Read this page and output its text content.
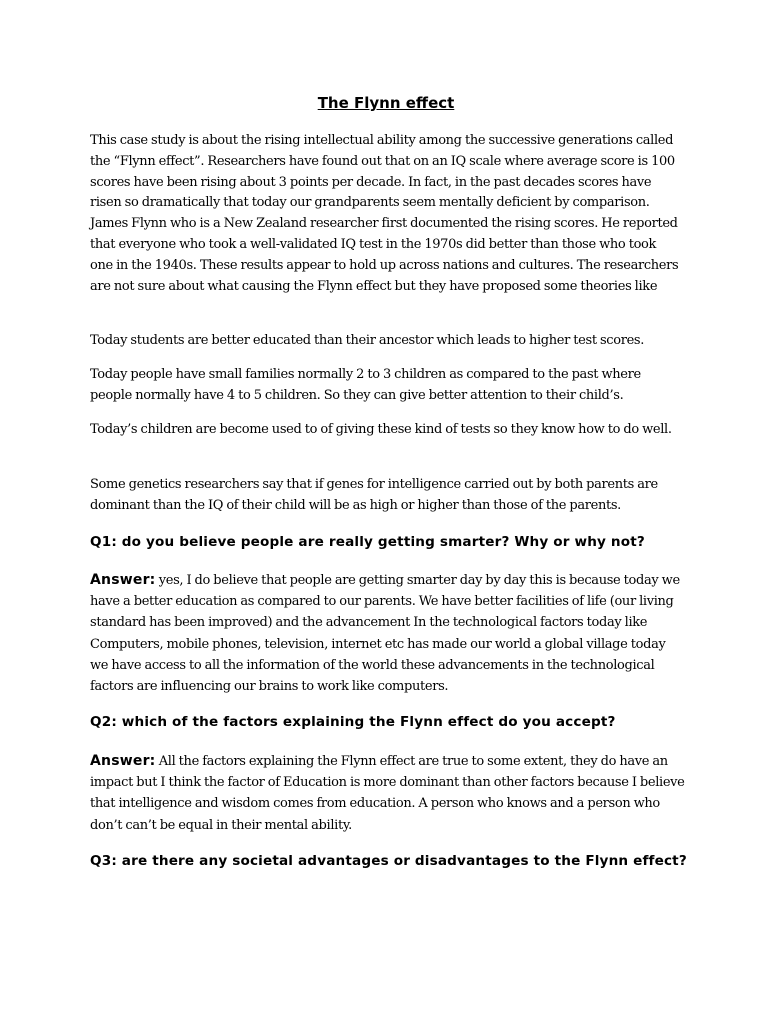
The Flynn effect

This case study is about the rising intellectual ability among the successive generations called the “Flynn effect”. Researchers have found out that on an IQ scale where average score is 100 scores have been rising about 3 points per decade. In fact, in the past decades scores have risen so dramatically that today our grandparents seem mentally deficient by comparison. James Flynn who is a New Zealand researcher first documented the rising scores. He reported that everyone who took a well-validated IQ test in the 1970s did better than those who took one in the 1940s. These results appear to hold up across nations and cultures. The researchers are not sure about what causing the Flynn effect but they have proposed some theories like

Today students are better educated than their ancestor which leads to higher test scores.

Today people have small families normally 2 to 3 children as compared to the past where people normally have 4 to 5 children. So they can give better attention to their child’s.

Today’s children are become used to of giving these kind of tests so they know how to do well.

Some genetics researchers say that if genes for intelligence carried out by both parents are dominant than the IQ of their child will be as high or higher than those of the parents.

Q1: do you believe people are really getting smarter? Why or why not?

Answer: yes, I do believe that people are getting smarter day by day this is because today we have a better education as compared to our parents. We have better facilities of life (our living standard has been improved) and the advancement In the technological factors today like Computers, mobile phones, television, internet etc has made our world a global village today we have access to all the information of the world these advancements in the technological factors are influencing our brains to work like computers.

Q2: which of the factors explaining the Flynn effect do you accept?

Answer: All the factors explaining the Flynn effect are true to some extent, they do have an impact but I think the factor of Education is more dominant than other factors because I believe that intelligence and wisdom comes from education. A person who knows and a person who don’t can’t be equal in their mental ability.

Q3: are there any societal advantages or disadvantages to the Flynn effect?
